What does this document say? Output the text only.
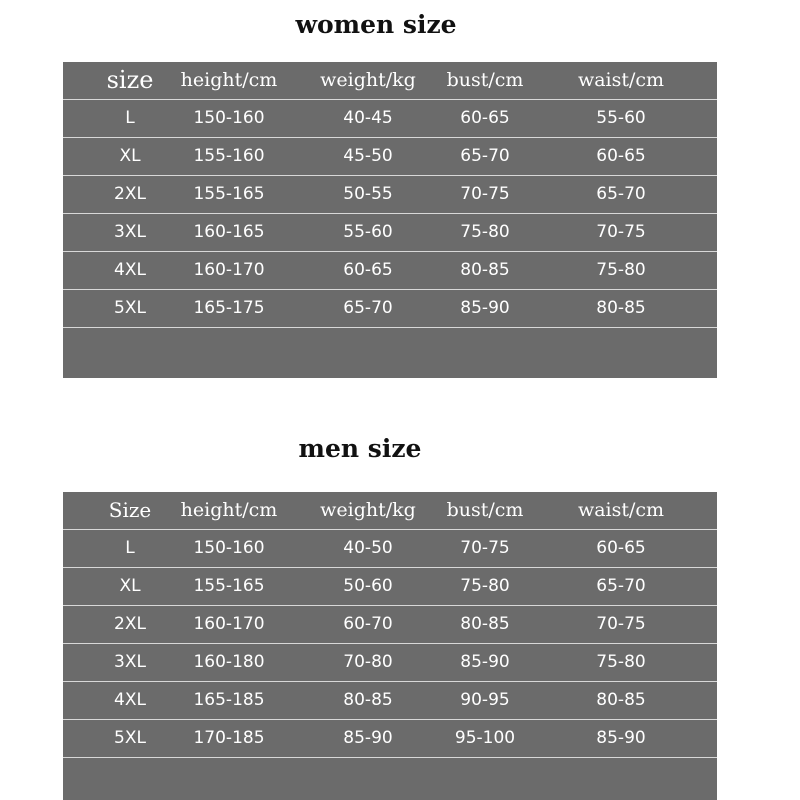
women size
size height/cm weight/kg bust/cm	waist/cm
L	150-160	40-45	60-65	55-60
XL	155-160	45-50	65-70	60-65
2XL	155-165	50-55	70-75	65-70
3XL	160-165	55-60	75-80	70-75
4XL	160-170	60-65	80-85	75-80
5XL	165-175	65-70	85-90	80-85
men size
Size height/cm weight/kg bust/cm	waist/cm
L	150-160	40-50	70-75	60-65
XL	155-165	50-60	75-80	65-70
2XL	160-170	60-70	80-85	70-75
3XL	160-180	70-80	85-90	75-80
4XL	165-185	80-85	90-95	80-85
5XL	170-185	85-90	95-100	85-90
